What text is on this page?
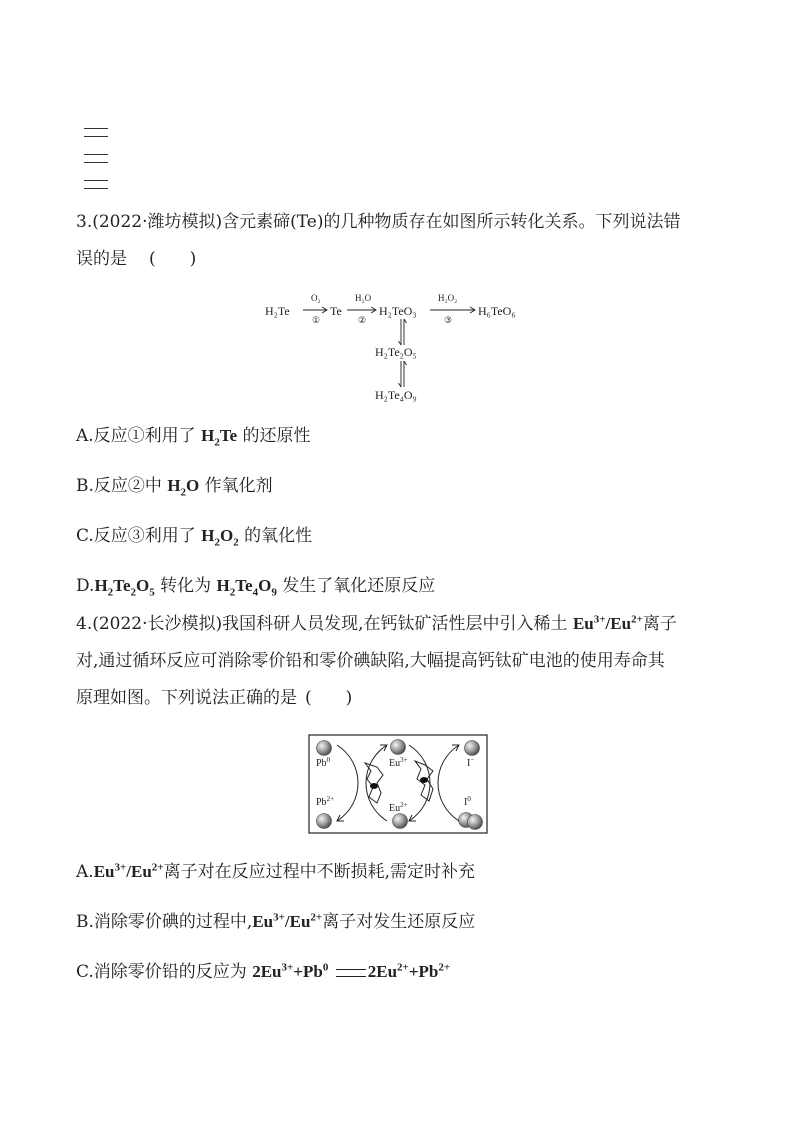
3.(2022·潍坊模拟)含元素碲(Te)的几种物质存在如图所示转化关系。下列说法错
误的是 (　　)
H₂Te	Te	H₂TeO₃	H₆TeO₆
H₂Te₂O₅
H₂Te₄O₉
O₂
①
H₂O
②
H₂O₂
③
A.反应①利用了 $H_2Te$ 的还原性
B.反应②中 $H_2O$ 作氧化剂
C.反应③利用了 $H_2O_2$ 的氧化性
$D.H_2Te_2O_5$ 转化为 $H_2Te_4O_9$ 发生了氧化还原反应
4.(2022·长沙模拟)我国科研人员发现,在钙钛矿活性层中引入稀土 $Eu^{3+}/Eu^{2+}$离子
对,通过循环反应可消除零价铅和零价碘缺陷,大幅提高钙钛矿电池的使用寿命其
原理如图。下列说法正确的是 (　　)
Pb$^0$
$Pb^{2+}$
$Eu^{3+}$
$Eu^{2+}$
I−
$I^0$
$A.Eu^{3+}/Eu^{2+}$离子对在反应过程中不断损耗,需定时补充
B.消除零价碘的过程中$,Eu^{3+}/Eu^{2+}$离子对发生还原反应
C.消除零价铅的反应为 $2Eu^{3+}+Pb^0$ $2Eu^{2+}+Pb^{2+}$
